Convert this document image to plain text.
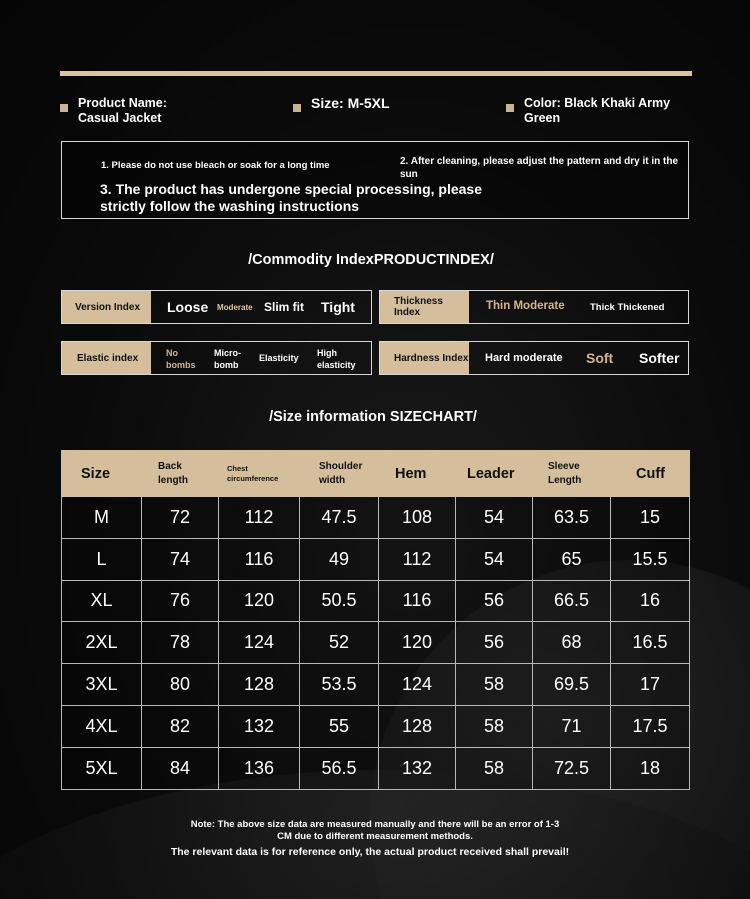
Product Name:
Casual Jacket
Size: M-5XL	Color: Black Khaki Army
Green
1. Please do not use bleach or soak for a long time	2. After cleaning, please adjust the pattern and dry it in the sun
3. The product has undergone special processing, please strictly follow the washing instructions
/Commodity IndexPRODUCTINDEX/
Version Index	Loose Moderate Slim fit Tight	Thickness Index
Thin Moderate	Thick Thickened
Elastic index	No bombs
Micro-bomb
Elasticity High elasticity
Hardness Index Hard moderate Soft Softer
/Size information SIZECHART/
Size	Back length	Chest circumference	Shoulder width	Hem	Leader	Sleeve Length	Cuff
M	72	112	47.5	108	54	63.5	15
L	74	116	49	112	54	65	15.5
XL	76	120	50.5	116	56	66.5	16
2XL	78	124	52	120	56	68	16.5
3XL	80	128	53.5	124	58	69.5	17
4XL	82	132	55	128	58	71	17.5
5XL	84	136	56.5	132	58	72.5	18
Note: The above size data are measured manually and there will be an error of 1-3
CM due to different measurement methods.
The relevant data is for reference only, the actual product received shall prevail!
